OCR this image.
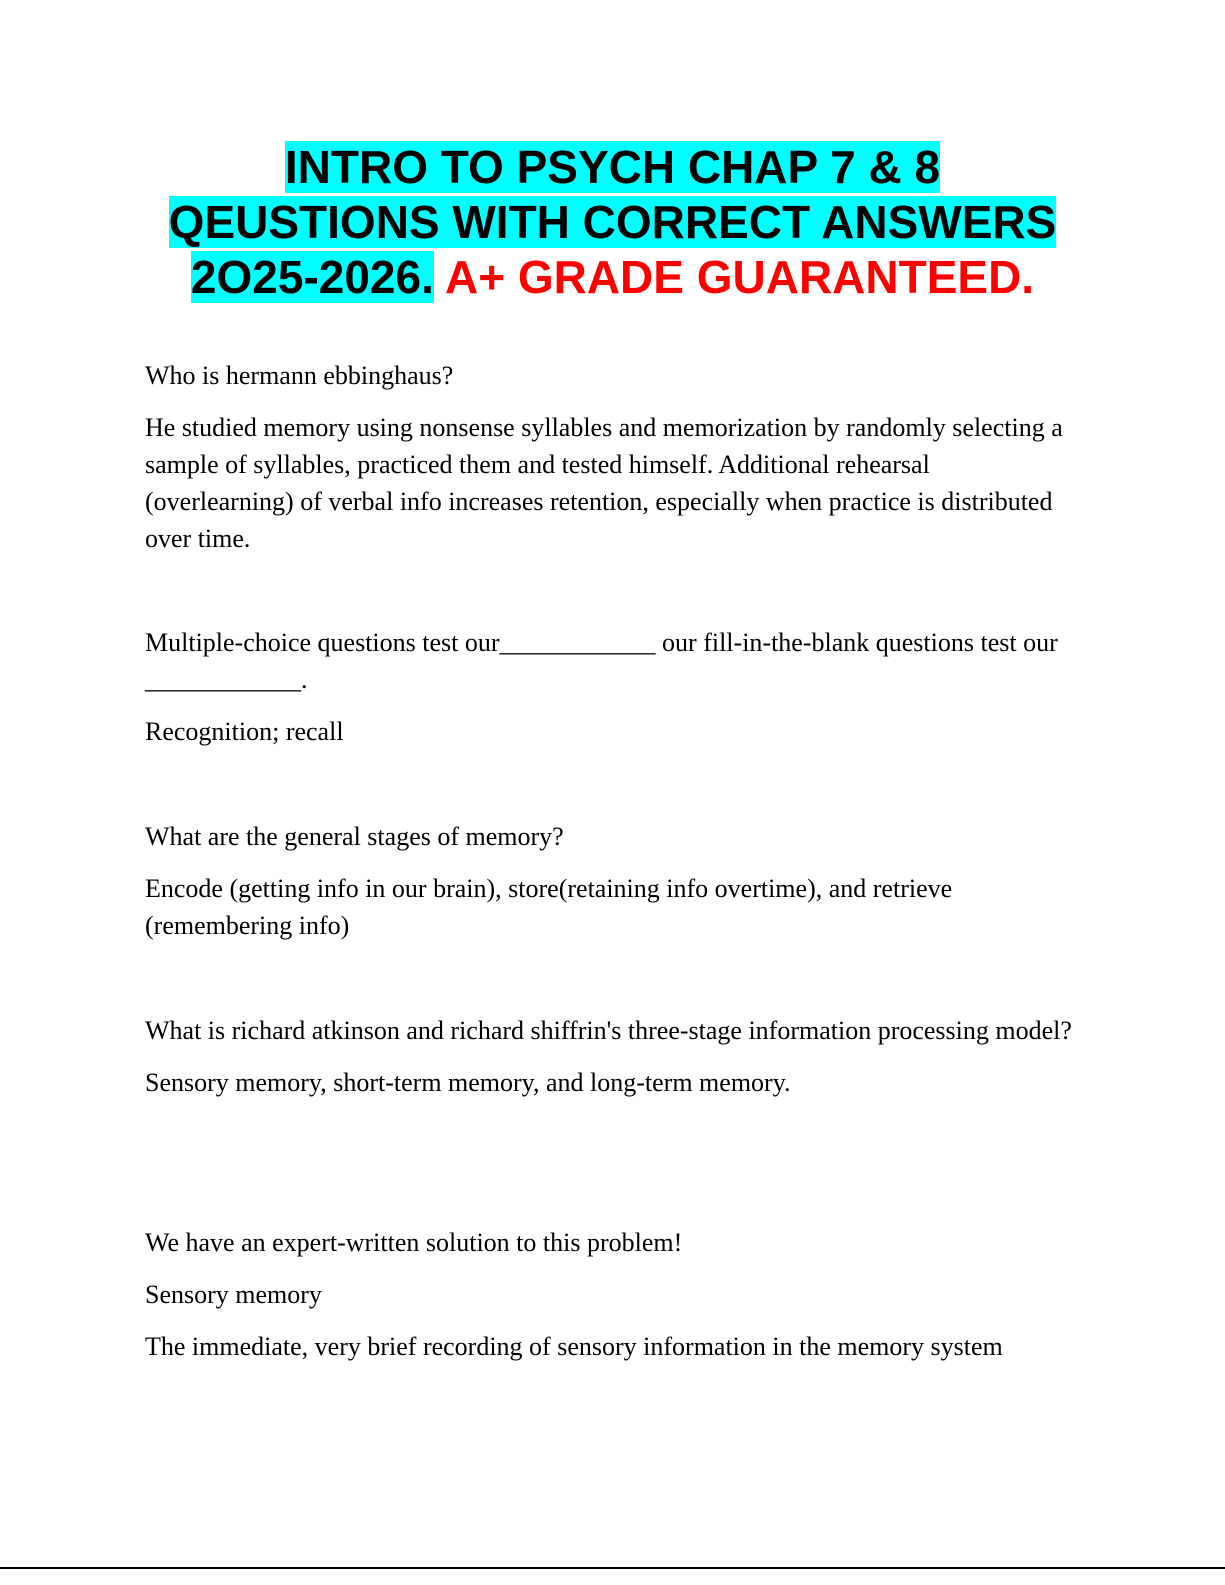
INTRO TO PSYCH CHAP 7 & 8
QEUSTIONS WITH CORRECT ANSWERS
2O25-2026. A+ GRADE GUARANTEED.

Who is hermann ebbinghaus?

He studied memory using nonsense syllables and memorization by randomly selecting a sample of syllables, practiced them and tested himself. Additional rehearsal (overlearning) of verbal info increases retention, especially when practice is distributed over time.

Multiple-choice questions test our____________ our fill-in-the-blank questions test our ____________.

Recognition; recall

What are the general stages of memory?

Encode (getting info in our brain), store(retaining info overtime), and retrieve (remembering info)

What is richard atkinson and richard shiffrin's three-stage information processing model?

Sensory memory, short-term memory, and long-term memory.

We have an expert-written solution to this problem!

Sensory memory

The immediate, very brief recording of sensory information in the memory system
